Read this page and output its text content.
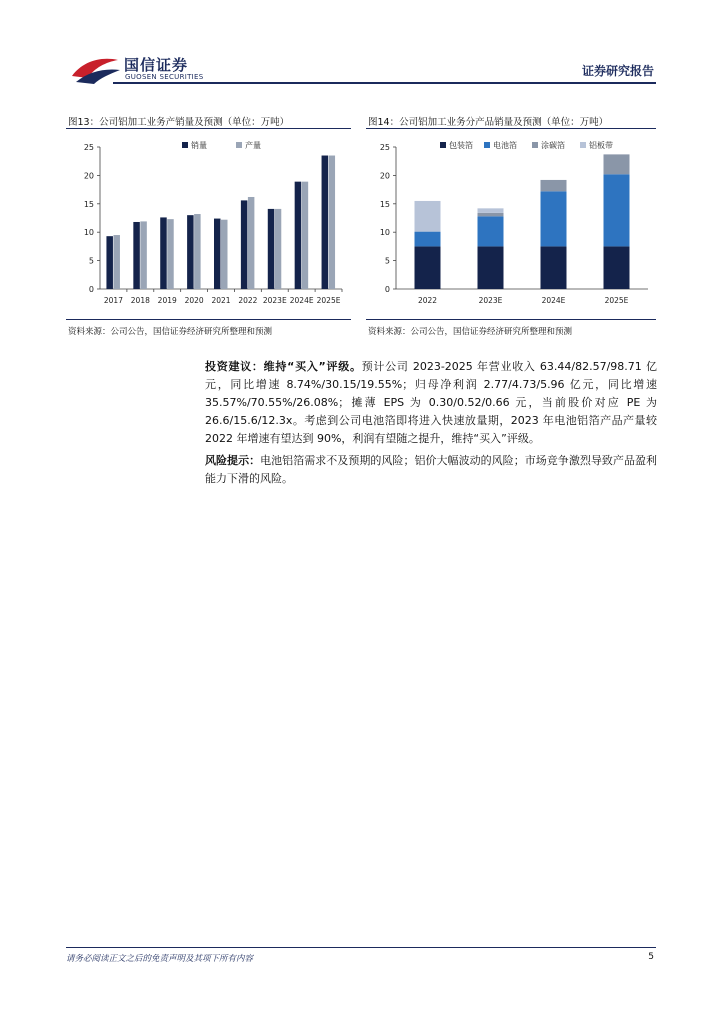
国信证券
GUOSEN SECURITIES	证券研究报告
图13：公司铝加工业务产销量及预测（单位：万吨）
0
5
10
15
20
25
2017 2018 2019 2020 2021 2022 2023E 2024E 2025E
销量	产量
资料来源：公司公告，国信证券经济研究所整理和预测
图14：公司铝加工业务分产品销量及预测（单位：万吨）
0
5
10
15
20
25
2022	2023E	2024E	2025E
包装箔	电池箔	涂碳箔	铝板带
资料来源：公司公告，国信证券经济研究所整理和预测
投资建议：维持“买入”评级。预计公司 2023-2025 年营业收入 63.44/82.57/98.71 亿元，同比增速 8.74%/30.15/19.55%；归母净利润 2.77/4.73/5.96 亿元，同比增速 35.57%/70.55%/26.08%；摊薄 EPS 为 0.30/0.52/0.66 元，当前股价对应 PE 为 26.6/15.6/12.3x。考虑到公司电池箔即将进入快速放量期，2023 年电池铝箔产品产量较 2022 年增速有望达到 90%，利润有望随之提升，维持“买入”评级。
风险提示：电池铝箔需求不及预期的风险；铝价大幅波动的风险；市场竞争激烈导致产品盈利能力下滑的风险。
请务必阅读正文之后的免责声明及其项下所有内容	5
